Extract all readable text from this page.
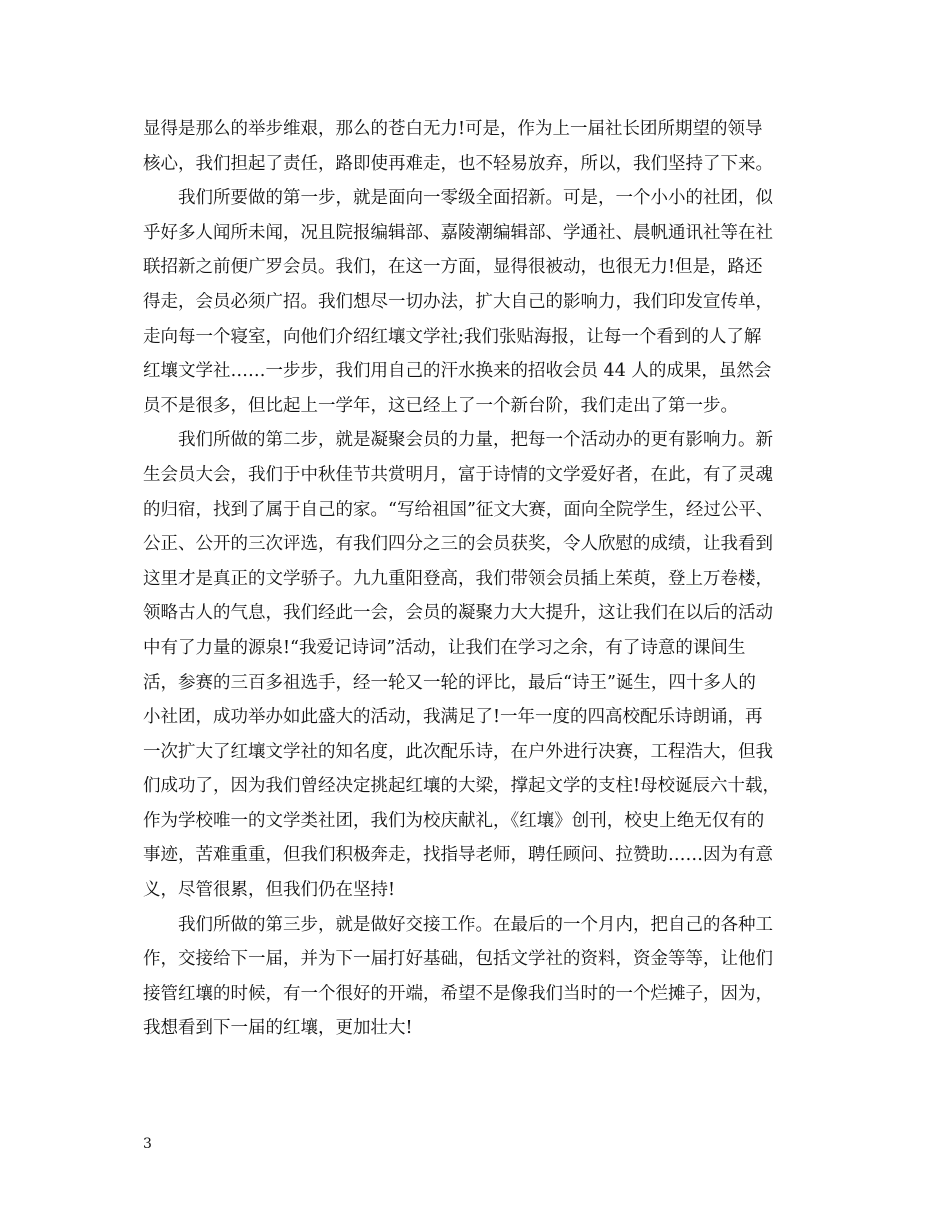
显得是那么的举步维艰，那么的苍白无力!可是，作为上一届社长团所期望的领导
核心，我们担起了责任，路即使再难走，也不轻易放弃，所以，我们坚持了下来。
我们所要做的第一步，就是面向一零级全面招新。可是，一个小小的社团，似
乎好多人闻所未闻，况且院报编辑部、嘉陵潮编辑部、学通社、晨帆通讯社等在社
联招新之前便广罗会员。我们，在这一方面，显得很被动，也很无力!但是，路还
得走，会员必须广招。我们想尽一切办法，扩大自己的影响力，我们印发宣传单，
走向每一个寝室，向他们介绍红壤文学社;我们张贴海报，让每一个看到的人了解
红壤文学社……一步步，我们用自己的汗水换来的招收会员 44 人的成果，虽然会
员不是很多，但比起上一学年，这已经上了一个新台阶，我们走出了第一步。
我们所做的第二步，就是凝聚会员的力量，把每一个活动办的更有影响力。新
生会员大会，我们于中秋佳节共赏明月，富于诗情的文学爱好者，在此，有了灵魂
的归宿，找到了属于自己的家。“写给祖国”征文大赛，面向全院学生，经过公平、
公正、公开的三次评选，有我们四分之三的会员获奖，令人欣慰的成绩，让我看到
这里才是真正的文学骄子。九九重阳登高，我们带领会员插上茱萸，登上万卷楼，
领略古人的气息，我们经此一会，会员的凝聚力大大提升，这让我们在以后的活动
中有了力量的源泉!“我爱记诗词”活动，让我们在学习之余，有了诗意的课间生
活，参赛的三百多祖选手，经一轮又一轮的评比，最后“诗王”诞生，四十多人的
小社团，成功举办如此盛大的活动，我满足了!一年一度的四高校配乐诗朗诵，再
一次扩大了红壤文学社的知名度，此次配乐诗，在户外进行决赛，工程浩大，但我
们成功了，因为我们曾经决定挑起红壤的大梁，撑起文学的支柱!母校诞辰六十载，
作为学校唯一的文学类社团，我们为校庆献礼，《红壤》创刊，校史上绝无仅有的
事迹，苦难重重，但我们积极奔走，找指导老师，聘任顾问、拉赞助……因为有意
义，尽管很累，但我们仍在坚持!
我们所做的第三步，就是做好交接工作。在最后的一个月内，把自己的各种工
作，交接给下一届，并为下一届打好基础，包括文学社的资料，资金等等，让他们
接管红壤的时候，有一个很好的开端，希望不是像我们当时的一个烂摊子，因为，
我想看到下一届的红壤，更加壮大!
3
